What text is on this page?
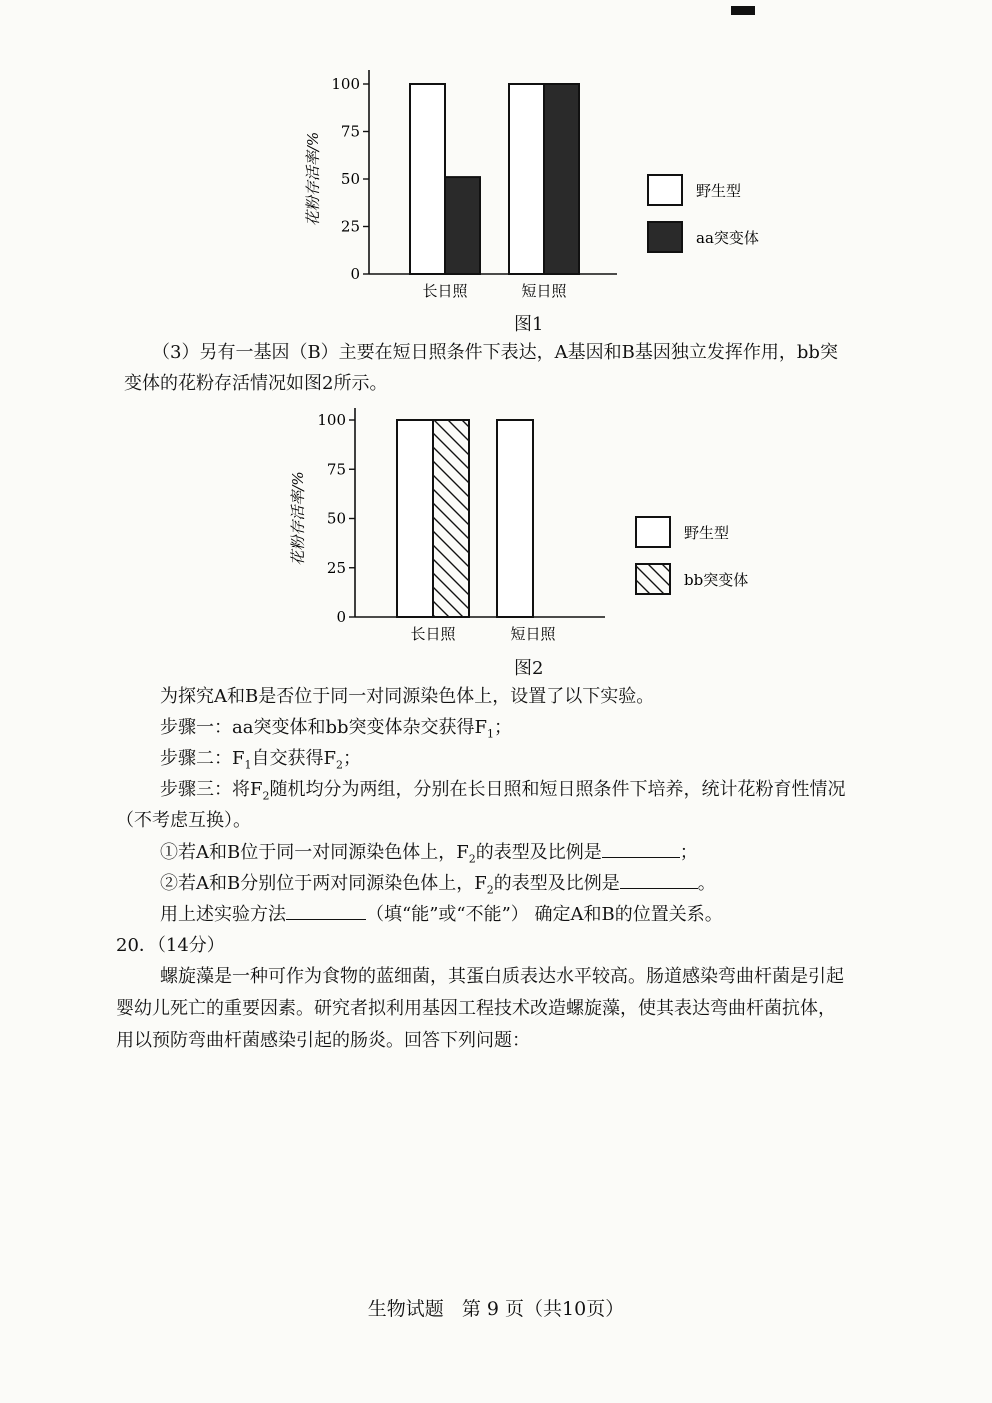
100
75
50
25
0
花粉存活率/%
长日照	短日照
野生型
aa突变体
图1
（3）另有一基因（B）主要在短日照条件下表达，A基因和B基因独立发挥作用，bb突
变体的花粉存活情况如图2所示。
100
75
50
25
0
花粉存活率/%
长日照	短日照
野生型
bb突变体
图2
为探究A和B是否位于同一对同源染色体上，设置了以下实验。
步骤一：aa突变体和bb突变体杂交获得$F_1$；
步骤二：$F_1$自交获得$F_2$；
步骤三：将$F_2$随机均分为两组，分别在长日照和短日照条件下培养，统计花粉育性情况
（不考虑互换）。
①若A和B位于同一对同源染色体上，$F_2$的表型及比例是	；
②若A和B分别位于两对同源染色体上，$F_2$的表型及比例是	。
用上述实验方法	（填“能”或“不能”） 确定A和B的位置关系。
20．（14分）
螺旋藻是一种可作为食物的蓝细菌，其蛋白质表达水平较高。肠道感染弯曲杆菌是引起
婴幼儿死亡的重要因素。研究者拟利用基因工程技术改造螺旋藻，使其表达弯曲杆菌抗体，
用以预防弯曲杆菌感染引起的肠炎。回答下列问题：
生物试题 第 9 页（共10页）
